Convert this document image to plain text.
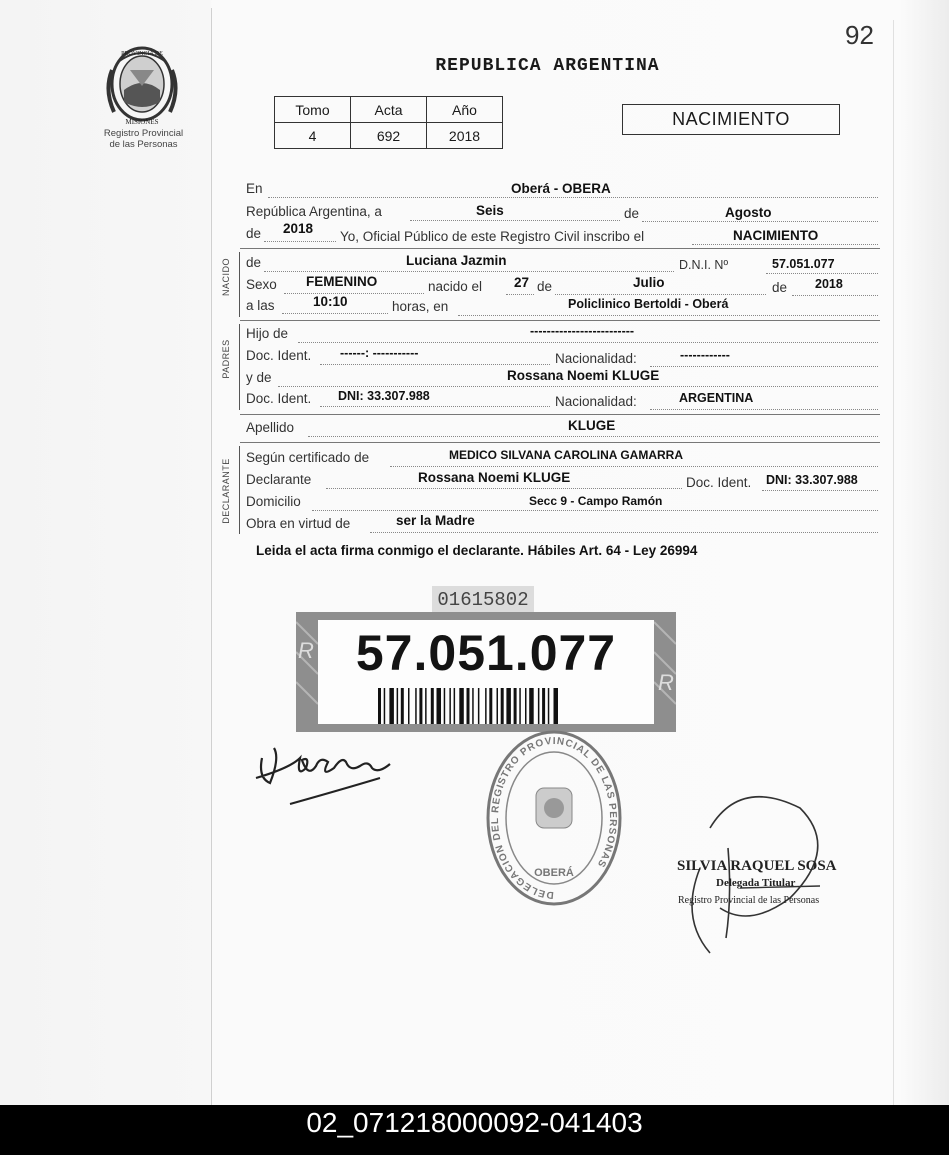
92
PROVINCIA DE
MISIONES
Registro Provincial
de las Personas
REPUBLICA ARGENTINA
Tomo	Acta	Año
4	692	2018
NACIMIENTO
En	Oberá - OBERA
República Argentina, a	Seis	de	Agosto
de 2018
Yo, Oficial Público de este Registro Civil inscribo el	NACIMIENTO
NACIDO de	Luciana Jazmin	D.N.I. Nº	57.051.077
Sexo FEMENINO	nacido el 27 de	Julio	de 2018
a las	10:10	horas, en	Policlinico Bertoldi - Oberá
PADRES
Hijo de	-------------------------
Doc. Ident. ------: -----------	Nacionalidad:	------------
y de	Rossana Noemi KLUGE
Doc. Ident. DNI: 33.307.988	Nacionalidad:	ARGENTINA
Apellido	KLUGE
DECLARANTE
Según certificado de	MEDICO SILVANA CAROLINA GAMARRA
Declarante	Rossana Noemi KLUGE	Doc. Ident. DNI: 33.307.988
Domicilio	Secc 9 - Campo Ramón
Obra en virtud de	ser la Madre
Leida el acta firma conmigo el declarante. Hábiles Art. 64 - Ley 26994
01615802
R
R
57.051.077
DELEGACION DEL REGISTRO PROVINCIAL DE LAS PERSONAS
OBERÁ	SILVIA RAQUEL SOSA
Delegada Titular
Registro Provincial de las Personas
02_071218000092-041403
